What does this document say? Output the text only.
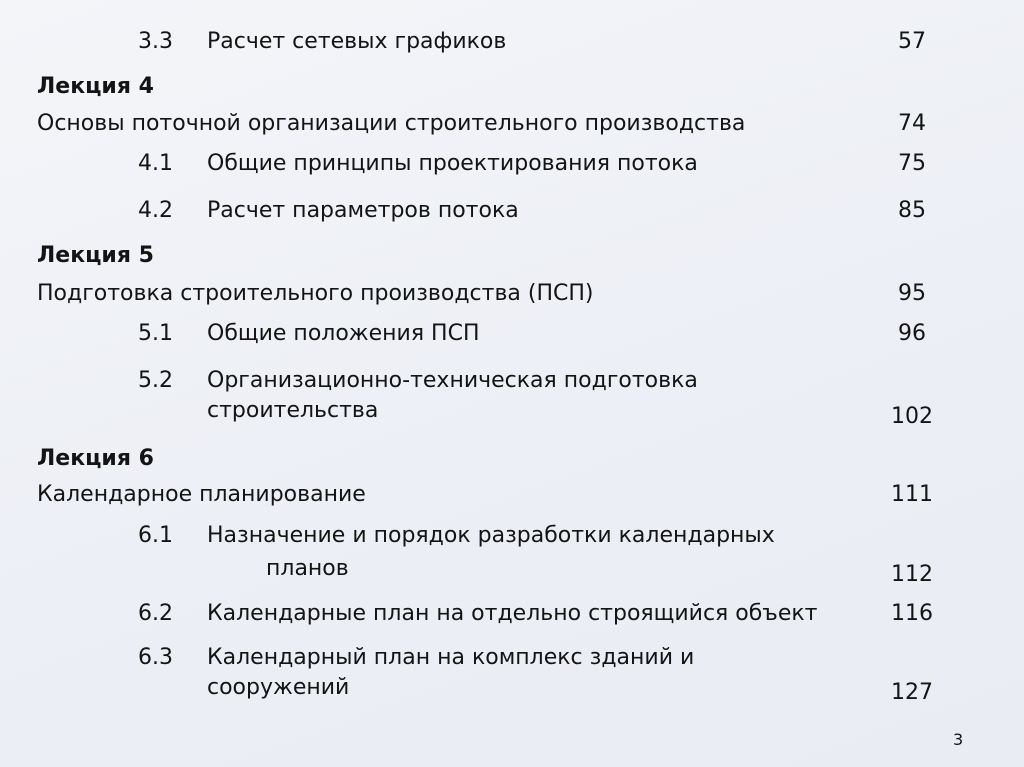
3.3 Расчет сетевых графиков	57
Лекция 4
Основы поточной организации строительного производства	74
4.1 Общие принципы проектирования потока	75
4.2 Расчет параметров потока	85
Лекция 5
Подготовка строительного производства (ПСП)	95
5.1 Общие положения ПСП	96
5.2 Организационно-техническая подготовка
строительства	102
Лекция 6
Календарное планирование	111
6.1 Назначение и порядок разработки календарных
планов	112
6.2 Календарные план на отдельно строящийся объект	116
6.3 Календарный план на комплекс зданий и
сооружений	127
3
